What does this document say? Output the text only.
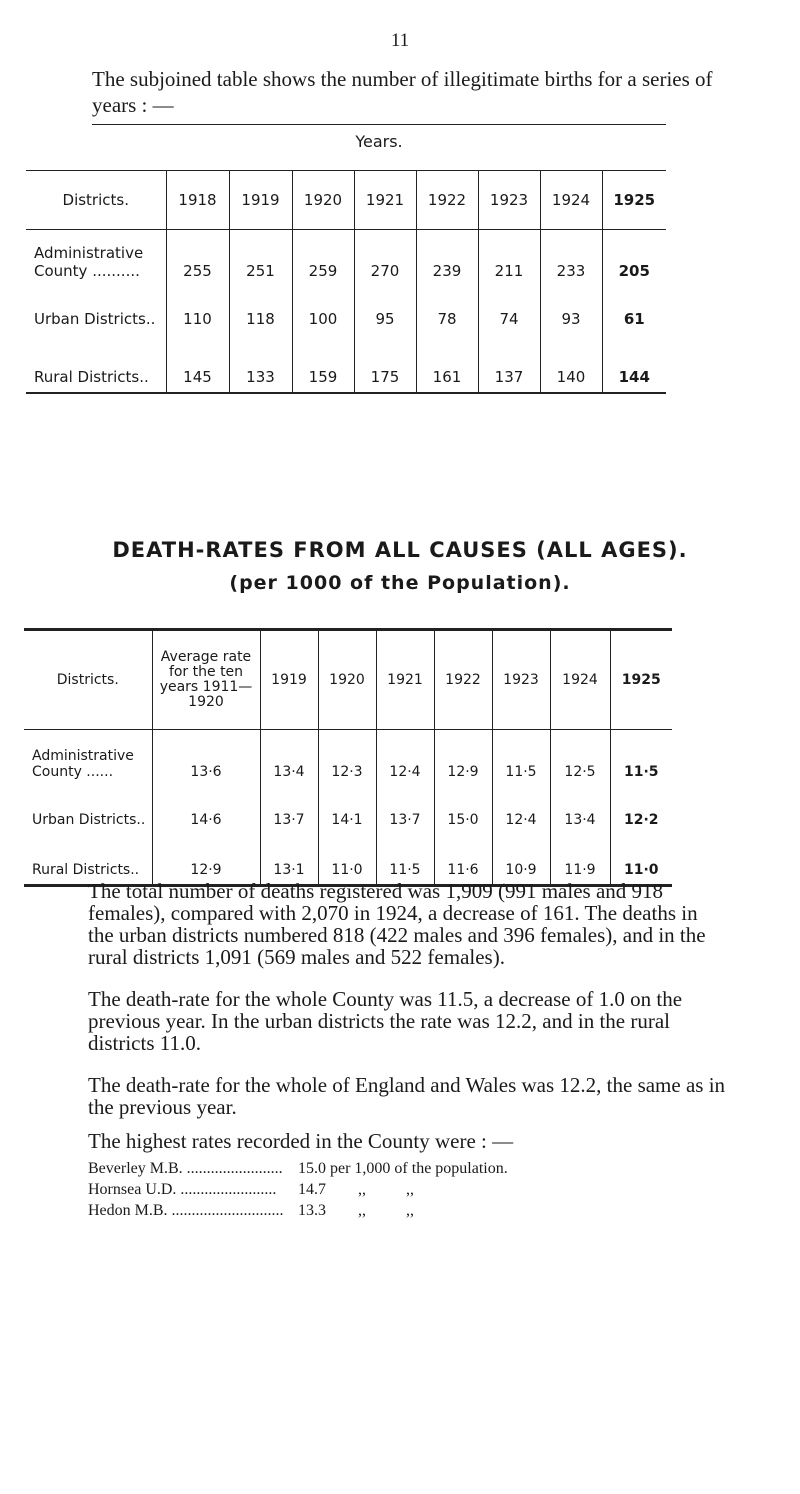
11
The subjoined table shows the number of illegitimate births for a series of years : —
Years.
Districts.	1918	1919	1920	1921	1922	1923	1924	1925
Administrative County ..........	255	251	259	270	239	211	233	205
Urban Districts..	110	118	100	95	78	74	93	61
Rural Districts..	145	133	159	175	161	137	140	144
DEATH-RATES FROM ALL CAUSES (ALL AGES).
(per 1000 of the Population).
Districts.	Average rate for the ten years 1911—1920	1919	1920	1921	1922	1923	1924	1925
Administrative County ......	13·6	13·4	12·3	12·4	12·9	11·5	12·5	11·5
Urban Districts..	14·6	13·7	14·1	13·7	15·0	12·4	13·4	12·2
Rural Districts..	12·9	13·1	11·0	11·5	11·6	10·9	11·9	11·0
The total number of deaths registered was 1,909 (991 males and 918 females), compared with 2,070 in 1924, a decrease of 161. The deaths in the urban districts numbered 818 (422 males and 396 females), and in the rural districts 1,091 (569 males and 522 females).
The death-rate for the whole County was 11.5, a decrease of 1.0 on the previous year. In the urban districts the rate was 12.2, and in the rural districts 11.0.
The death-rate for the whole of England and Wales was 12.2, the same as in the previous year.
The highest rates recorded in the County were : —
Beverley M.B. ........................ 15.0 per 1,000 of the population.
Hornsea U.D. ........................	14.7        ,,          ,,
Hedon M.B. ............................ 13.3        ,,          ,,
